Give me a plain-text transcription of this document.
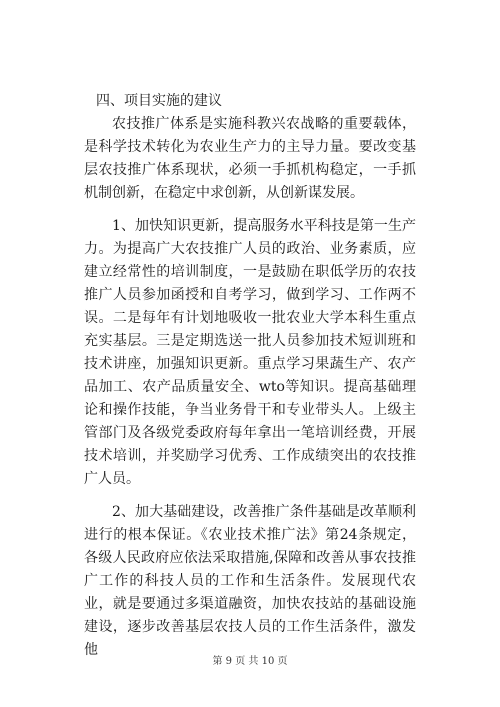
四、项目实施的建议

农技推广体系是实施科教兴农战略的重要载体，是科学技术转化为农业生产力的主导力量。要改变基层农技推广体系现状，必须一手抓机构稳定，一手抓机制创新，在稳定中求创新，从创新谋发展。

1、加快知识更新，提高服务水平科技是第一生产力。为提高广大农技推广人员的政治、业务素质，应建立经常性的培训制度，一是鼓励在职低学历的农技推广人员参加函授和自考学习，做到学习、工作两不误。二是每年有计划地吸收一批农业大学本科生重点充实基层。三是定期选送一批人员参加技术短训班和技术讲座，加强知识更新。重点学习果蔬生产、农产品加工、农产品质量安全、wto等知识。提高基础理论和操作技能，争当业务骨干和专业带头人。上级主管部门及各级党委政府每年拿出一笔培训经费，开展技术培训，并奖励学习优秀、工作成绩突出的农技推广人员。

2、加大基础建设，改善推广条件基础是改革顺利进行的根本保证。《农业技术推广法》第24条规定，各级人民政府应依法采取措施,保障和改善从事农技推广工作的科技人员的工作和生活条件。发展现代农业，就是要通过多渠道融资，加快农技站的基础设施建设，逐步改善基层农技人员的工作生活条件，激发他

第 9 页 共 10 页
